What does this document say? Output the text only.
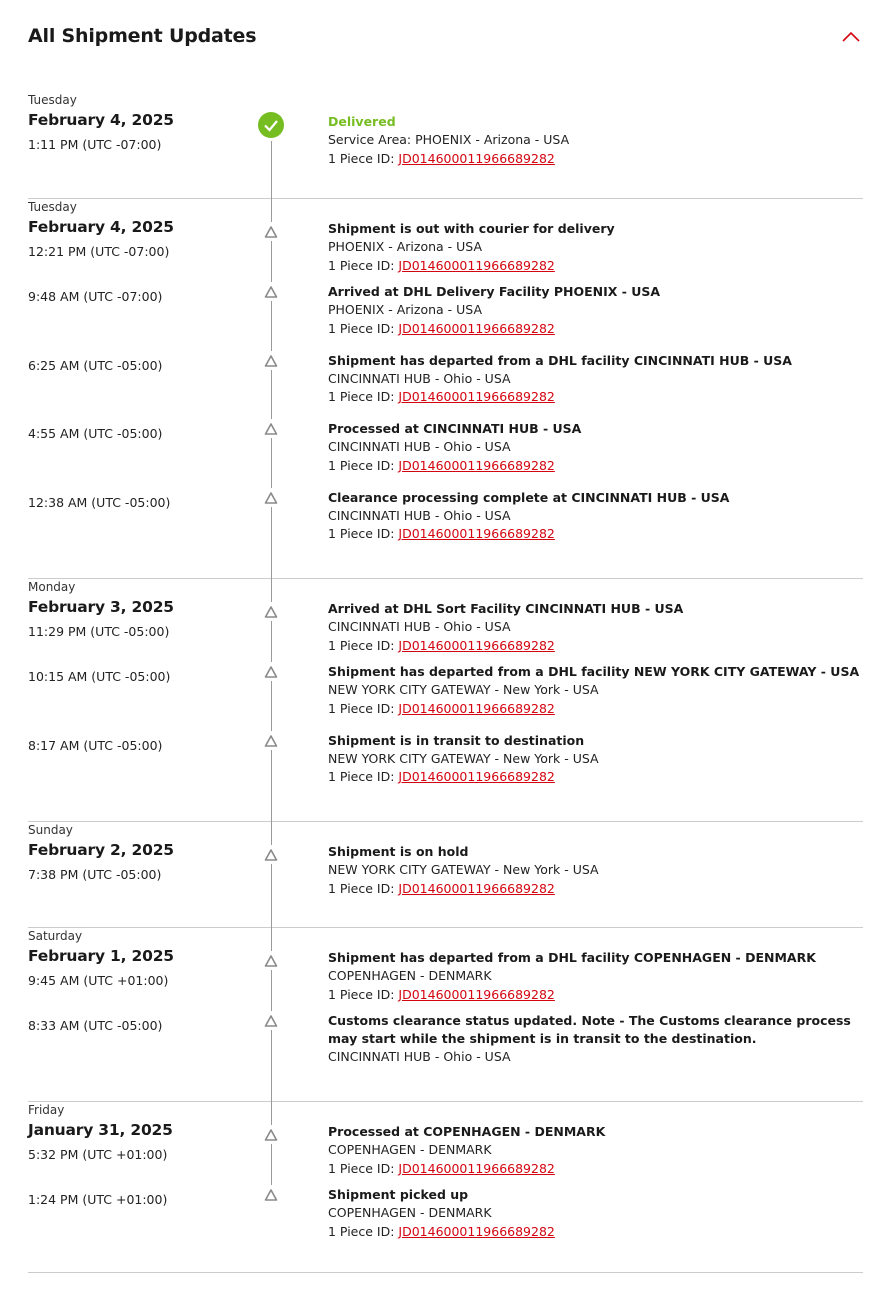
All Shipment Updates
Tuesday
February 4, 2025
1:11 PM (UTC -07:00)
Delivered
Service Area: PHOENIX - Arizona - USA
1 Piece ID: JD014600011966689282
Tuesday
February 4, 2025
12:21 PM (UTC -07:00)
Shipment is out with courier for delivery
PHOENIX - Arizona - USA
1 Piece ID: JD014600011966689282
9:48 AM (UTC -07:00)	Arrived at DHL Delivery Facility PHOENIX - USA
PHOENIX - Arizona - USA
1 Piece ID: JD014600011966689282
6:25 AM (UTC -05:00)	Shipment has departed from a DHL facility CINCINNATI HUB - USA
CINCINNATI HUB - Ohio - USA
1 Piece ID: JD014600011966689282
4:55 AM (UTC -05:00)	Processed at CINCINNATI HUB - USA
CINCINNATI HUB - Ohio - USA
1 Piece ID: JD014600011966689282
12:38 AM (UTC -05:00)	Clearance processing complete at CINCINNATI HUB - USA
CINCINNATI HUB - Ohio - USA
1 Piece ID: JD014600011966689282
Monday
February 3, 2025
11:29 PM (UTC -05:00)
Arrived at DHL Sort Facility CINCINNATI HUB - USA
CINCINNATI HUB - Ohio - USA
1 Piece ID: JD014600011966689282
10:15 AM (UTC -05:00)	Shipment has departed from a DHL facility NEW YORK CITY GATEWAY - USA
NEW YORK CITY GATEWAY - New York - USA
1 Piece ID: JD014600011966689282
8:17 AM (UTC -05:00)	Shipment is in transit to destination
NEW YORK CITY GATEWAY - New York - USA
1 Piece ID: JD014600011966689282
Sunday
February 2, 2025
7:38 PM (UTC -05:00)
Shipment is on hold
NEW YORK CITY GATEWAY - New York - USA
1 Piece ID: JD014600011966689282
Saturday
February 1, 2025
9:45 AM (UTC +01:00)
Shipment has departed from a DHL facility COPENHAGEN - DENMARK
COPENHAGEN - DENMARK
1 Piece ID: JD014600011966689282
8:33 AM (UTC -05:00)	Customs clearance status updated. Note - The Customs clearance process may start while the shipment is in transit to the destination.
CINCINNATI HUB - Ohio - USA
Friday
January 31, 2025
5:32 PM (UTC +01:00)
Processed at COPENHAGEN - DENMARK
COPENHAGEN - DENMARK
1 Piece ID: JD014600011966689282
1:24 PM (UTC +01:00)	Shipment picked up
COPENHAGEN - DENMARK
1 Piece ID: JD014600011966689282
